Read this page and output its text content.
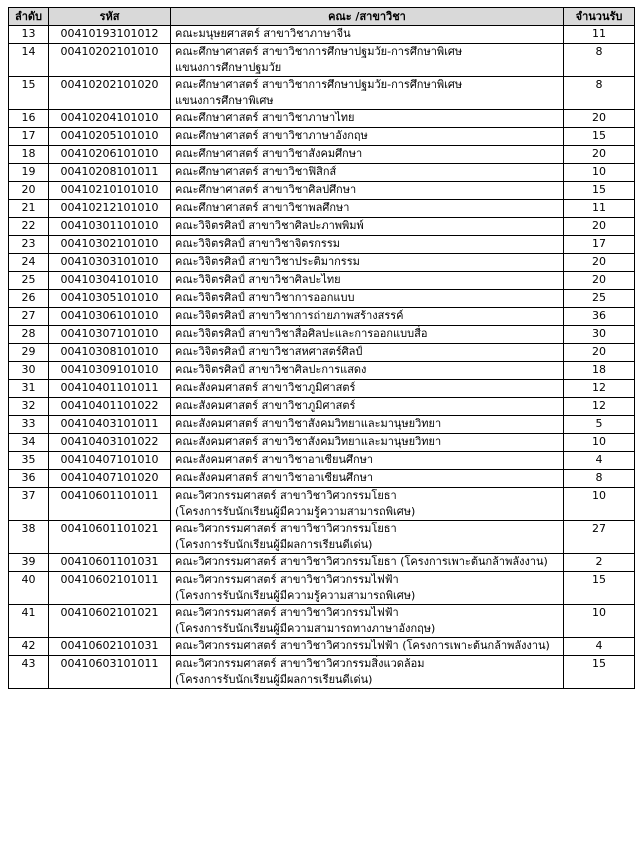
ลำดับ	รหัส	คณะ /สาขาวิชา	จำนวนรับ
13	00410193101012	คณะมนุษยศาสตร์ สาขาวิชาภาษาจีน	11
14	00410202101010	คณะศึกษาศาสตร์ สาขาวิชาการศึกษาปฐมวัย-การศึกษาพิเศษ
แขนงการศึกษาปฐมวัย	8
15	00410202101020	คณะศึกษาศาสตร์ สาขาวิชาการศึกษาปฐมวัย-การศึกษาพิเศษ
แขนงการศึกษาพิเศษ	8
16	00410204101010	คณะศึกษาศาสตร์ สาขาวิชาภาษาไทย	20
17	00410205101010	คณะศึกษาศาสตร์ สาขาวิชาภาษาอังกฤษ	15
18	00410206101010	คณะศึกษาศาสตร์ สาขาวิชาสังคมศึกษา	20
19	00410208101011	คณะศึกษาศาสตร์ สาขาวิชาฟิสิกส์	10
20	00410210101010	คณะศึกษาศาสตร์ สาขาวิชาศิลปศึกษา	15
21	00410212101010	คณะศึกษาศาสตร์ สาขาวิชาพลศึกษา	11
22	00410301101010	คณะวิจิตรศิลป์ สาขาวิชาศิลปะภาพพิมพ์	20
23	00410302101010	คณะวิจิตรศิลป์ สาขาวิชาจิตรกรรม	17
24	00410303101010	คณะวิจิตรศิลป์ สาขาวิชาประติมากรรม	20
25	00410304101010	คณะวิจิตรศิลป์ สาขาวิชาศิลปะไทย	20
26	00410305101010	คณะวิจิตรศิลป์ สาขาวิชาการออกแบบ	25
27	00410306101010	คณะวิจิตรศิลป์ สาขาวิชาการถ่ายภาพสร้างสรรค์	36
28	00410307101010	คณะวิจิตรศิลป์ สาขาวิชาสื่อศิลปะและการออกแบบสื่อ	30
29	00410308101010	คณะวิจิตรศิลป์ สาขาวิชาสหศาสตร์ศิลป์	20
30	00410309101010	คณะวิจิตรศิลป์ สาขาวิชาศิลปะการแสดง	18
31	00410401101011	คณะสังคมศาสตร์ สาขาวิชาภูมิศาสตร์	12
32	00410401101022	คณะสังคมศาสตร์ สาขาวิชาภูมิศาสตร์	12
33	00410403101011	คณะสังคมศาสตร์ สาขาวิชาสังคมวิทยาและมานุษยวิทยา	5
34	00410403101022	คณะสังคมศาสตร์ สาขาวิชาสังคมวิทยาและมานุษยวิทยา	10
35	00410407101010	คณะสังคมศาสตร์ สาขาวิชาอาเซียนศึกษา	4
36	00410407101020	คณะสังคมศาสตร์ สาขาวิชาอาเซียนศึกษา	8
37	00410601101011	คณะวิศวกรรมศาสตร์ สาขาวิชาวิศวกรรมโยธา
(โครงการรับนักเรียนผู้มีความรู้ความสามารถพิเศษ)	10
38	00410601101021	คณะวิศวกรรมศาสตร์ สาขาวิชาวิศวกรรมโยธา
(โครงการรับนักเรียนผู้มีผลการเรียนดีเด่น)	27
39	00410601101031	คณะวิศวกรรมศาสตร์ สาขาวิชาวิศวกรรมโยธา (โครงการเพาะต้นกล้าพลังงาน)	2
40	00410602101011	คณะวิศวกรรมศาสตร์ สาขาวิชาวิศวกรรมไฟฟ้า
(โครงการรับนักเรียนผู้มีความรู้ความสามารถพิเศษ)	15
41	00410602101021	คณะวิศวกรรมศาสตร์ สาขาวิชาวิศวกรรมไฟฟ้า
(โครงการรับนักเรียนผู้มีความสามารถทางภาษาอังกฤษ)	10
42	00410602101031	คณะวิศวกรรมศาสตร์ สาขาวิชาวิศวกรรมไฟฟ้า (โครงการเพาะต้นกล้าพลังงาน)	4
43	00410603101011	คณะวิศวกรรมศาสตร์ สาขาวิชาวิศวกรรมสิ่งแวดล้อม
(โครงการรับนักเรียนผู้มีผลการเรียนดีเด่น)	15
